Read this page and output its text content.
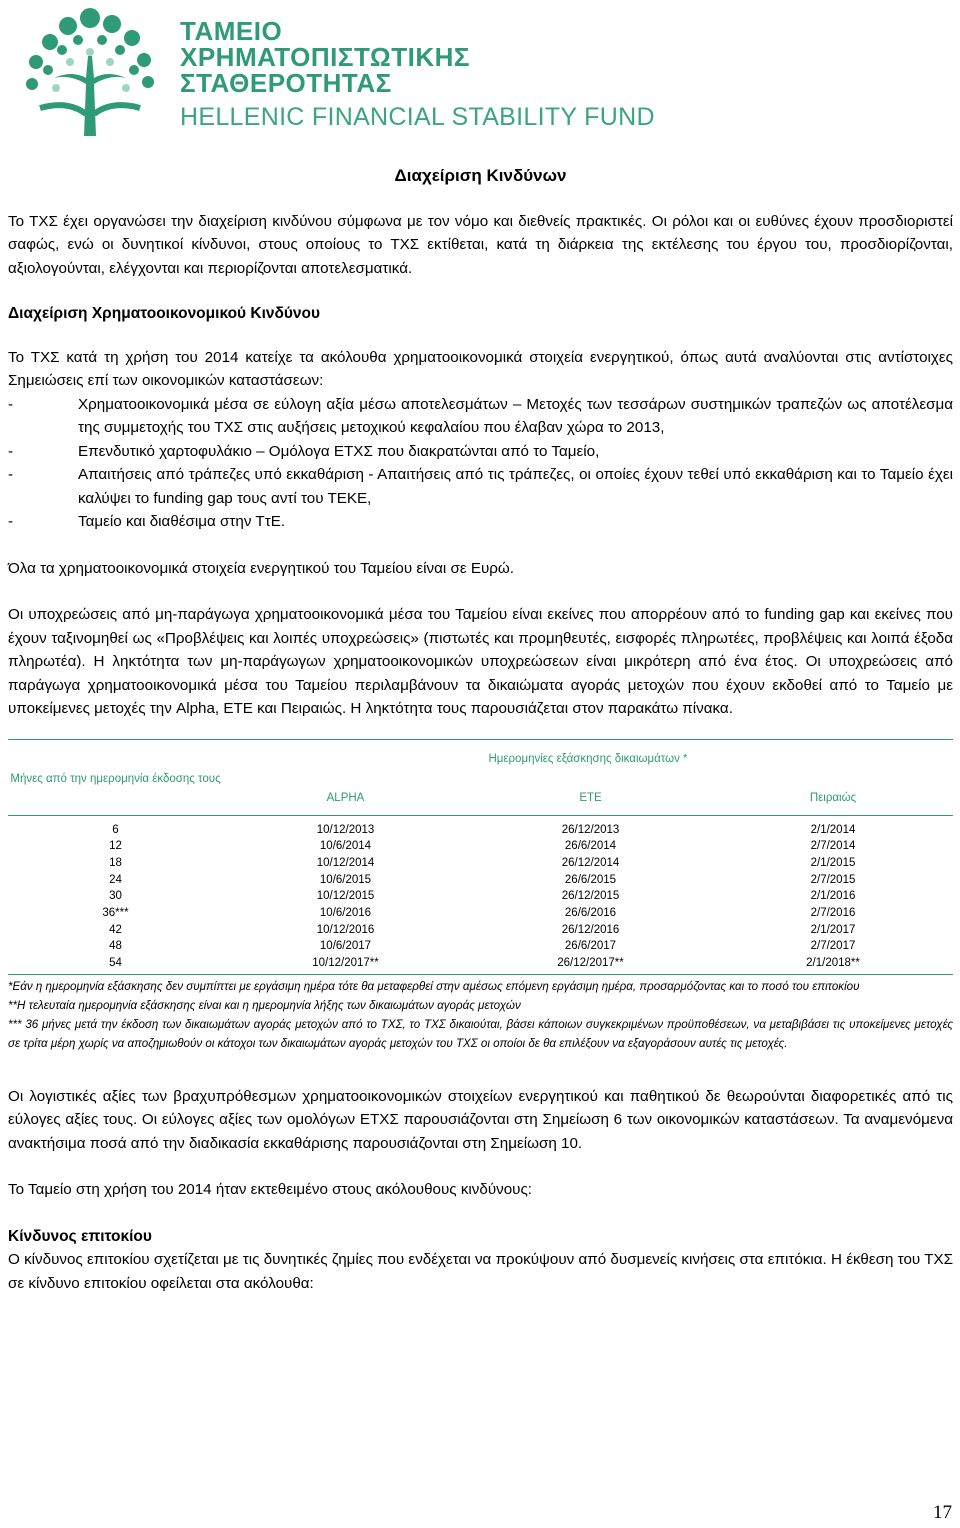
ΤΑΜΕΙΟ
ΧΡΗΜΑΤΟΠΙΣΤΩΤΙΚΗΣ
ΣΤΑΘΕΡΟΤΗΤΑΣ
HELLENIC FINANCIAL STABILITY FUND
Διαχείριση Κινδύνων

Το ΤΧΣ έχει οργανώσει την διαχείριση κινδύνου σύμφωνα με τον νόμο και διεθνείς πρακτικές. Οι ρόλοι και οι ευθύνες έχουν προσδιοριστεί σαφώς, ενώ οι δυνητικοί κίνδυνοι, στους οποίους το ΤΧΣ εκτίθεται, κατά τη διάρκεια της εκτέλεσης του έργου του, προσδιορίζονται, αξιολογούνται, ελέγχονται και περιορίζονται αποτελεσματικά.

Διαχείριση Χρηματοοικονομικού Κινδύνου

Το ΤΧΣ κατά τη χρήση του 2014 κατείχε τα ακόλουθα χρηματοοικονομικά στοιχεία ενεργητικού, όπως αυτά αναλύονται στις αντίστοιχες Σημειώσεις επί των οικονομικών καταστάσεων:

-	Χρηματοοικονομικά μέσα σε εύλογη αξία μέσω αποτελεσμάτων – Μετοχές των τεσσάρων συστημικών τραπεζών ως αποτέλεσμα της συμμετοχής του ΤΧΣ στις αυξήσεις μετοχικού κεφαλαίου που έλαβαν χώρα το 2013,
-	Επενδυτικό χαρτοφυλάκιο – Ομόλογα ΕΤΧΣ που διακρατώνται από το Ταμείο,
-	Απαιτήσεις από τράπεζες υπό εκκαθάριση - Απαιτήσεις από τις τράπεζες, οι οποίες έχουν τεθεί υπό εκκαθάριση και το Ταμείο έχει καλύψει το funding gap τους αντί του ΤΕΚΕ,
-	Ταμείο και διαθέσιμα στην ΤτΕ.

Όλα τα χρηματοοικονομικά στοιχεία ενεργητικού του Ταμείου είναι σε Ευρώ.

Οι υποχρεώσεις από μη-παράγωγα χρηματοοικονομικά μέσα του Ταμείου είναι εκείνες που απορρέουν από το funding gap και εκείνες που έχουν ταξινομηθεί ως «Προβλέψεις και λοιπές υποχρεώσεις» (πιστωτές και προμηθευτές, εισφορές πληρωτέες, προβλέψεις και λοιπά έξοδα πληρωτέα). Η ληκτότητα των μη-παράγωγων χρηματοοικονομικών υποχρεώσεων είναι μικρότερη από ένα έτος. Οι υποχρεώσεις από παράγωγα χρηματοοικονομικά μέσα του Ταμείου περιλαμβάνουν τα δικαιώματα αγοράς μετοχών που έχουν εκδοθεί από το Ταμείο με υποκείμενες μετοχές την Alpha, ΕΤΕ και Πειραιώς. Η ληκτότητα τους παρουσιάζεται στον παρακάτω πίνακα.

Μήνες από την ημερομηνία έκδοσης τους	Ημερομηνίες εξάσκησης δικαιωμάτων *		
	ALPHA	ΕΤΕ	Πειραιώς
6	10/12/2013	26/12/2013	2/1/2014
12	10/6/2014	26/6/2014	2/7/2014
18	10/12/2014	26/12/2014	2/1/2015
24	10/6/2015	26/6/2015	2/7/2015
30	10/12/2015	26/12/2015	2/1/2016
36***	10/6/2016	26/6/2016	2/7/2016
42	10/12/2016	26/12/2016	2/1/2017
48	10/6/2017	26/6/2017	2/7/2017
54	10/12/2017**	26/12/2017**	2/1/2018**

*Εάν η ημερομηνία εξάσκησης δεν συμπίπτει με εργάσιμη ημέρα τότε θα μεταφερθεί στην αμέσως επόμενη εργάσιμη ημέρα, προσαρμόζοντας και το ποσό του επιτοκίου

**Η τελευταία ημερομηνία εξάσκησης είναι και η ημερομηνία λήξης των δικαιωμάτων αγοράς μετοχών

*** 36 μήνες μετά την έκδοση των δικαιωμάτων αγοράς μετοχών από το ΤΧΣ, το ΤΧΣ δικαιούται, βάσει κάποιων συγκεκριμένων προϋποθέσεων, να μεταβιβάσει τις υποκείμενες μετοχές σε τρίτα μέρη χωρίς να αποζημιωθούν οι κάτοχοι των δικαιωμάτων αγοράς μετοχών του ΤΧΣ οι οποίοι δε θα επιλέξουν να εξαγοράσουν αυτές τις μετοχές.

Οι λογιστικές αξίες των βραχυπρόθεσμων χρηματοοικονομικών στοιχείων ενεργητικού και παθητικού δε θεωρούνται διαφορετικές από τις εύλογες αξίες τους. Οι εύλογες αξίες των ομολόγων ΕΤΧΣ παρουσιάζονται στη Σημείωση 6 των οικονομικών καταστάσεων. Τα αναμενόμενα ανακτήσιμα ποσά από την διαδικασία εκκαθάρισης παρουσιάζονται στη Σημείωση 10.

Το Ταμείο στη χρήση του 2014 ήταν εκτεθειμένο στους ακόλουθους κινδύνους:

Κίνδυνος επιτοκίου

Ο κίνδυνος επιτοκίου σχετίζεται με τις δυνητικές ζημίες που ενδέχεται να προκύψουν από δυσμενείς κινήσεις στα επιτόκια. Η έκθεση του ΤΧΣ σε κίνδυνο επιτοκίου οφείλεται στα ακόλουθα:

17
